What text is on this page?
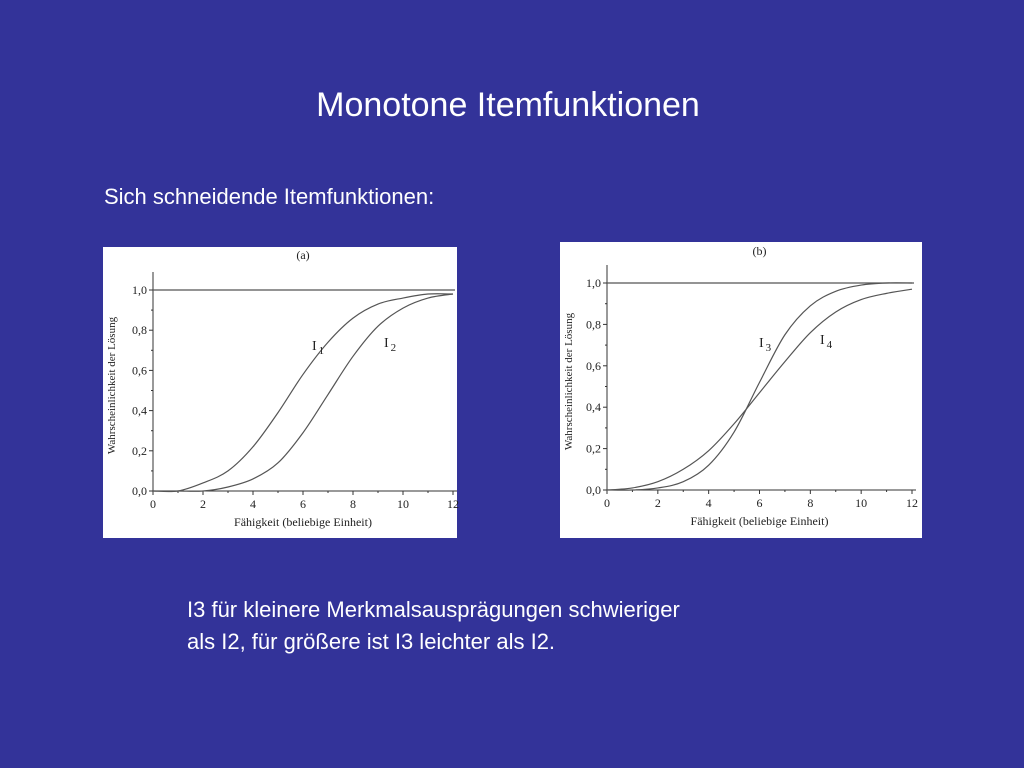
Monotone Itemfunktionen

Sich schneidende Itemfunktionen:

(a)
0	2	4	6	8	10	12
0,0
0,2
0,4
0,6
0,8
1,0
Fähigkeit (beliebige Einheit)
Wahrscheinlichkeit der Lösung	I $_1$	I $_2$
(b)
0	2	4	6	8	10	12
0,0
0,2
0,4
0,6
0,8
1,0
Fähigkeit (beliebige Einheit)
Wahrscheinlichkeit der Lösung	I $_3$	I $_4$

I3 für kleinere Merkmalsausprägungen schwieriger
als I2, für größere ist I3 leichter als I2.
